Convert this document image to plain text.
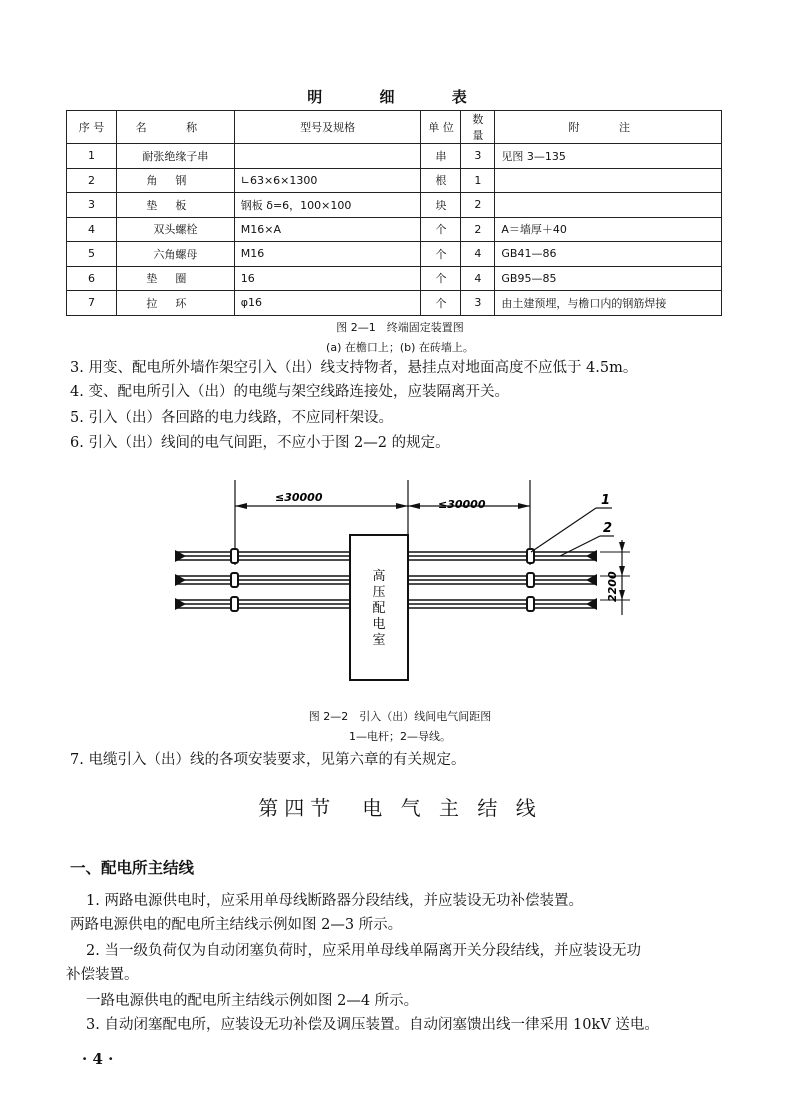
明 细 表
序 号	名 称	型号及规格	单 位	数 量	附 注
1	耐张绝缘子串		串	3	见图 3—135
2	角钢	∟63×6×1300	根	1	
3	垫板	钢板 δ=6，100×100	块	2	
4	双头螺栓	M16×A	个	2	A＝墙厚＋40
5	六角螺母	M16	个	4	GB41—86
6	垫圈	16	个	4	GB95—85
7	拉环	φ16	个	3	由土建预埋，与檐口内的钢筋焊接
图 2—1　终端固定装置图
(a) 在檐口上；(b) 在砖墙上。
3. 用变、配电所外墙作架空引入（出）线支持物者，悬挂点对地面高度不应低于 4.5m。
4. 变、配电所引入（出）的电缆与架空线路连接处，应装隔离开关。
5. 引入（出）各回路的电力线路，不应同杆架设。
6. 引入（出）线间的电气间距，不应小于图 2—2 的规定。
≤30000
≤30000
高压配电室
1
2
2200
图 2—2　引入（出）线间电气间距图
1—电杆；2—导线。
7. 电缆引入（出）线的各项安装要求，见第六章的有关规定。
第四节　电 气 主 结 线
一、配电所主结线
1. 两路电源供电时，应采用单母线断路器分段结线，并应装设无功补偿装置。
两路电源供电的配电所主结线示例如图 2—3 所示。
2. 当一级负荷仅为自动闭塞负荷时，应采用单母线单隔离开关分段结线，并应装设无功
补偿装置。
一路电源供电的配电所主结线示例如图 2—4 所示。
3. 自动闭塞配电所，应装设无功补偿及调压装置。自动闭塞馈出线一律采用 10kV 送电。
· 4 ·
